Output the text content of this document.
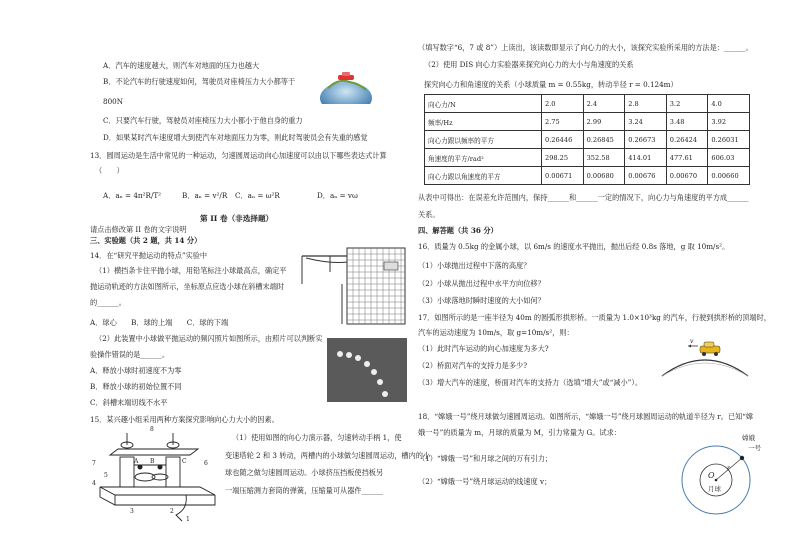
A．汽车的速度越大，则汽车对地面的压力也越大
B．不论汽车的行驶速度如何，驾驶员对座椅压力大小都等于
800N
C．只要汽车行驶，驾驶员对座椅压力大小都小于他自身的重力
D．如果某时汽车速度增大到使汽车对地面压力为零，则此时驾驶员会有失重的感觉
13．圆周运动是生活中常见的一种运动，匀速圆周运动向心加速度可以由以下哪些表达式计算
（　　）
A．aₙ = 4π²R/T²	B．aₙ = v²/R C．aₙ = ω²R	D．aₙ = vω
第 II 卷（非选择题）
请点击修改第 II 卷的文字说明
三、实验题（共 2 题，共 14 分）
14．在“研究平抛运动的特点”实验中
（1）横挡条卡住平抛小球，用铅笔标注小球最高点，确定平
抛运动轨迹的方法如图所示，坐标原点应选小球在斜槽末端时
的______。
A．球心　　B．球的上端　　C．球的下端
（2）此装置中小球做平抛运动的频闪照片如图所示，由照片可以判断实
验操作错误的是______。
A．释放小球时初速度不为零
B．释放小球的初始位置不同
C．斜槽末端切线不水平
15．某兴趣小组采用两种方案探究影响向心力大小的因素。
（1）使用如图的向心力演示器，匀速转动手柄 1，使
变速塔轮 2 和 3 转动，两槽内的小球做匀速圆周运动，槽内的小
球也随之做匀速圆周运动。小球挤压挡板使挡板另
一端压缩测力套筒的弹簧，压缩量可从器件______
8
7	6
5
4
3	2
1
A B	C
（填写数字“6，7 或 8”）上读出，该读数即显示了向心力的大小，该探究实验所采用的方法是：______。
（2）使用 DIS 向心力实验器来探究向心力的大小与角速度的关系
探究向心力和角速度的关系（小球质量 m = 0.55kg，转动半径 r = 0.124m）
向心力/N	2.0	2.4	2.8	3.2	4.0
频率/Hz	2.75	2.99	3.24	3.48	3.92
向心力跟以频率的平方	0.26446	0.26845	0.26673	0.26424	0.26031
角速度的平方/rad²	298.25	352.58	414.01	477.61	606.03
向心力跟以角速度的平方	0.00671	0.00680	0.00676	0.00670	0.00660
从表中可得出：在误差允许范围内，保持______和______一定的情况下，向心力与角速度的平方成______
关系。
四、解答题（共 36 分）
16．质量为 0.5kg 的金属小球，以 6m/s 的速度水平抛出，抛出后经 0.8s 落地，g 取 10m/s²。
（1）小球抛出过程中下落的高度？
（2）小球从抛出过程中水平方向位移？
（3）小球落地时瞬时速度的大小如何？
17．如图所示的是一座半径为 40m 的圆弧形拱形桥。一质量为 1.0×10³kg 的汽车，行驶到拱形桥的顶端时，
汽车的运动速度为 10m/s，取 g=10m/s²，则：
（1）此时汽车运动的向心加速度为多大?
（2）桥面对汽车的支持力是多少?
（3）增大汽车的速度，桥面对汽车的支持力（选填“增大”或“减小”）。
18．“嫦娥一号”绕月球做匀速圆周运动。如图所示，“嫦娥一号”绕月球圆周运动的轨道半径为 r。已知“嫦
娥一号”的质量为 m，月球的质量为 M，引力常量为 G。试求：
（1）“嫦娥一号”和月球之间的万有引力；
（2）“嫦娥一号”绕月球运动的线速度 v；
v
O
r
月球
嫦娥
一号
